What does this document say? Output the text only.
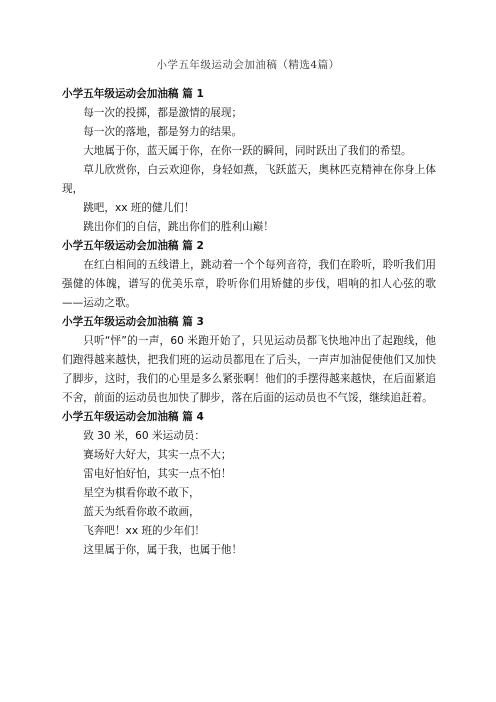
小学五年级运动会加油稿（精选4篇）

小学五年级运动会加油稿 篇 1

每一次的投掷，都是激情的展现；

每一次的落地，都是努力的结果。

大地属于你，蓝天属于你，在你一跃的瞬间，同时跃出了我们的希望。

草儿欣赏你，白云欢迎你，身轻如燕，飞跃蓝天，奥林匹克精神在你身上体现，

跳吧，xx 班的健儿们！

跳出你们的自信，跳出你们的胜利山巅！

小学五年级运动会加油稿 篇 2

在红白相间的五线谱上，跳动着一个个每列音符，我们在聆听，聆听我们用强健的体魄，谱写的优美乐章，聆听你们用矫健的步伐，唱响的扣人心弦的歌——运动之歌。

小学五年级运动会加油稿 篇 3

只听“怦”的一声，60 米跑开始了，只见运动员都飞快地冲出了起跑线，他们跑得越来越快，把我们班的运动员都甩在了后头，一声声加油促使他们又加快了脚步，这时，我们的心里是多么紧张啊！他们的手摆得越来越快，在后面紧追不舍，前面的运动员也加快了脚步，落在后面的运动员也不气馁，继续追赶着。

小学五年级运动会加油稿 篇 4

致 30 米，60 米运动员：

赛场好大好大，其实一点不大；

雷电好怕好怕，其实一点不怕！

星空为棋看你敢不敢下，

蓝天为纸看你敢不敢画，

飞奔吧！xx 班的少年们！

这里属于你，属于我，也属于他！
